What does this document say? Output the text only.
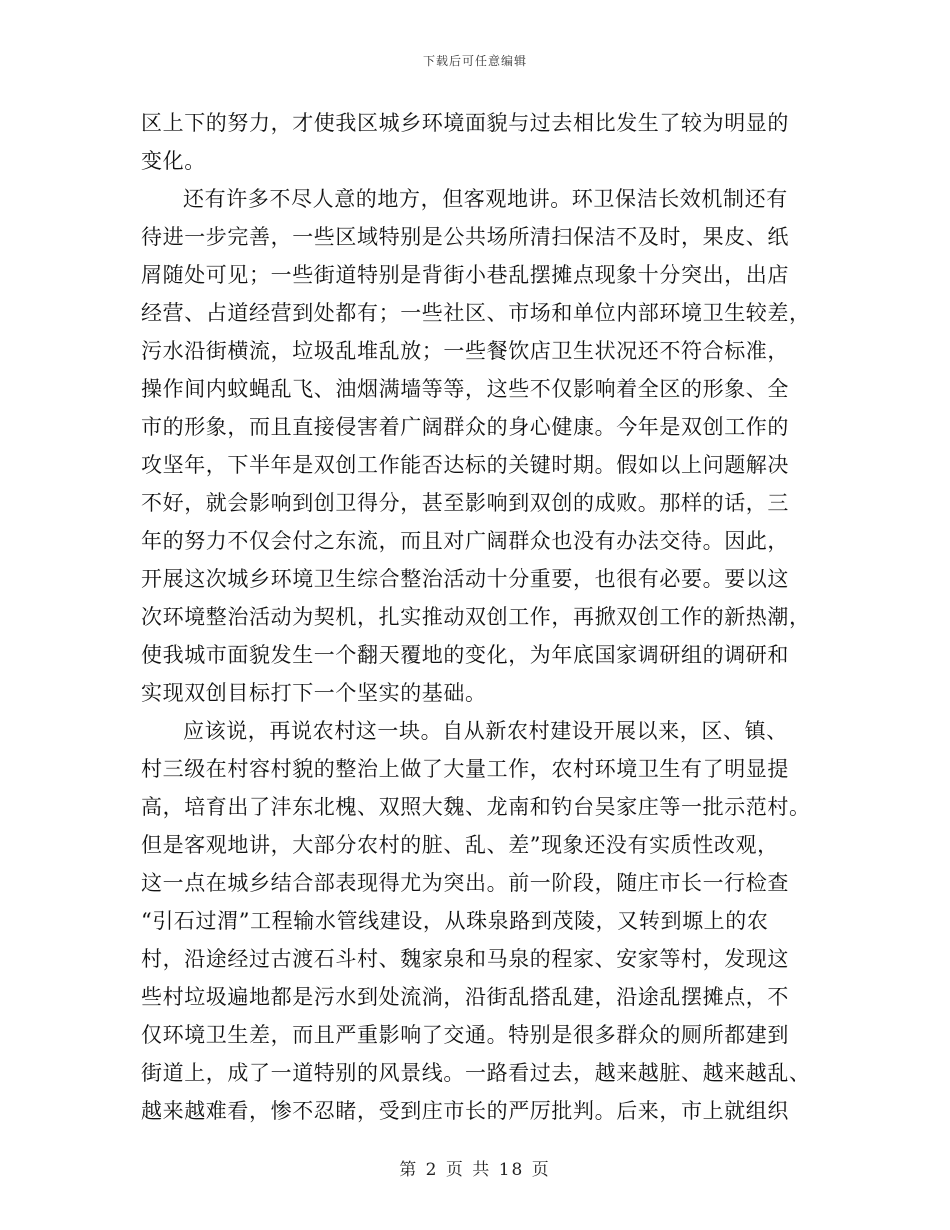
下载后可任意编辑
区上下的努力，才使我区城乡环境面貌与过去相比发生了较为明显的
变化。
还有许多不尽人意的地方，但客观地讲。环卫保洁长效机制还有
待进一步完善，一些区域特别是公共场所清扫保洁不及时，果皮、纸
屑随处可见；一些街道特别是背街小巷乱摆摊点现象十分突出，出店
经营、占道经营到处都有；一些社区、市场和单位内部环境卫生较差，
污水沿街横流，垃圾乱堆乱放；一些餐饮店卫生状况还不符合标准，
操作间内蚊蝇乱飞、油烟满墙等等，这些不仅影响着全区的形象、全
市的形象，而且直接侵害着广阔群众的身心健康。今年是双创工作的
攻坚年，下半年是双创工作能否达标的关键时期。假如以上问题解决
不好，就会影响到创卫得分，甚至影响到双创的成败。那样的话，三
年的努力不仅会付之东流，而且对广阔群众也没有办法交待。因此，
开展这次城乡环境卫生综合整治活动十分重要，也很有必要。要以这
次环境整治活动为契机，扎实推动双创工作，再掀双创工作的新热潮，
使我城市面貌发生一个翻天覆地的变化，为年底国家调研组的调研和
实现双创目标打下一个坚实的基础。
应该说，再说农村这一块。自从新农村建设开展以来，区、镇、
村三级在村容村貌的整治上做了大量工作，农村环境卫生有了明显提
高，培育出了沣东北槐、双照大魏、龙南和钓台吴家庄等一批示范村。
但是客观地讲，大部分农村的脏、乱、差”现象还没有实质性改观，
这一点在城乡结合部表现得尤为突出。前一阶段，随庄市长一行检查
“引石过渭”工程输水管线建设，从珠泉路到茂陵，又转到塬上的农
村，沿途经过古渡石斗村、魏家泉和马泉的程家、安家等村，发现这
些村垃圾遍地都是污水到处流淌，沿街乱搭乱建，沿途乱摆摊点，不
仅环境卫生差，而且严重影响了交通。特别是很多群众的厕所都建到
街道上，成了一道特别的风景线。一路看过去，越来越脏、越来越乱、
越来越难看，惨不忍睹，受到庄市长的严厉批判。后来，市上就组织
第 2 页 共 18 页
